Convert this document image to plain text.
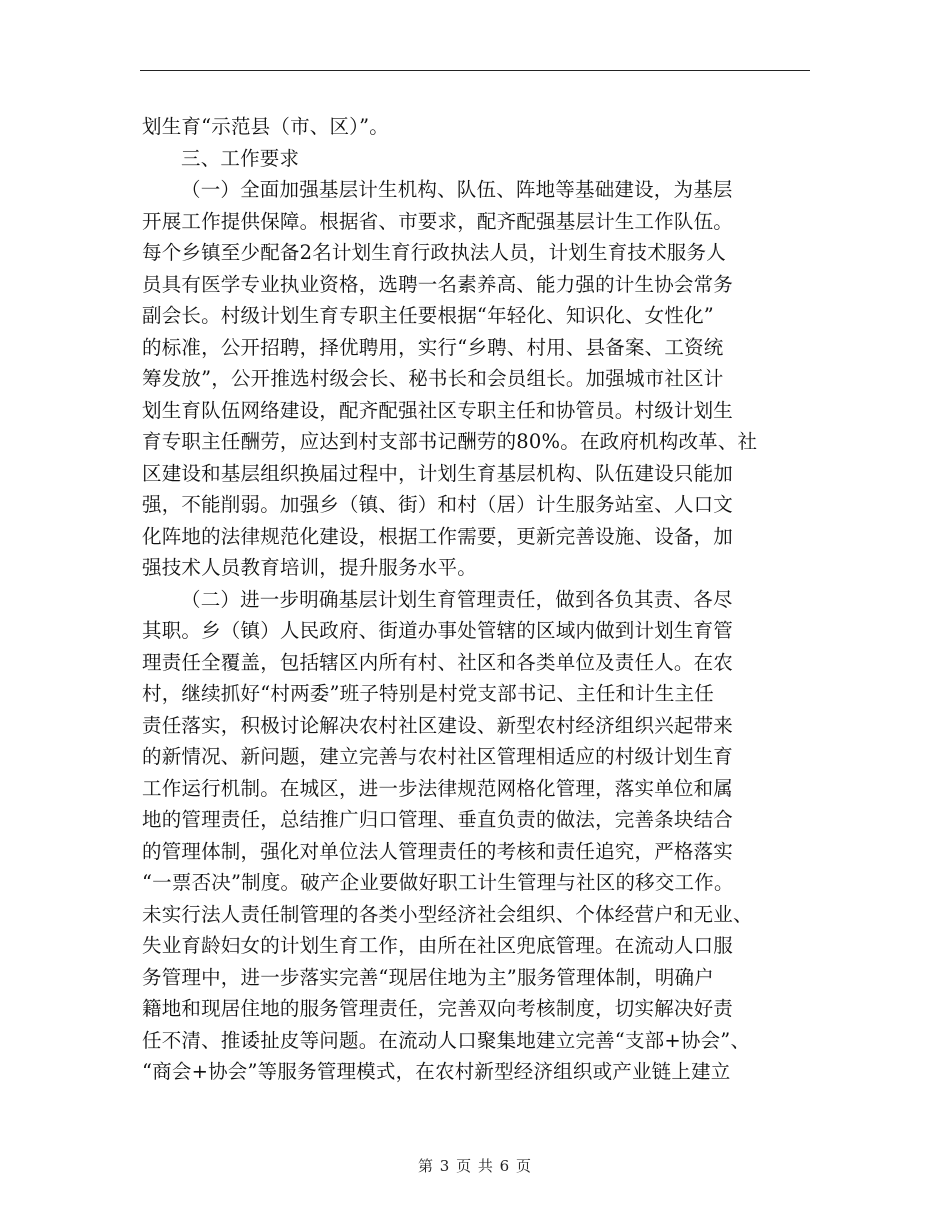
划生育“示范县（市、区）”。
三、工作要求
（一）全面加强基层计生机构、队伍、阵地等基础建设，为基层
开展工作提供保障。根据省、市要求，配齐配强基层计生工作队伍。
每个乡镇至少配备2名计划生育行政执法人员，计划生育技术服务人
员具有医学专业执业资格，选聘一名素养高、能力强的计生协会常务
副会长。村级计划生育专职主任要根据“年轻化、知识化、女性化”
的标准，公开招聘，择优聘用，实行“乡聘、村用、县备案、工资统
筹发放”，公开推选村级会长、秘书长和会员组长。加强城市社区计
划生育队伍网络建设，配齐配强社区专职主任和协管员。村级计划生
育专职主任酬劳，应达到村支部书记酬劳的80%。在政府机构改革、社
区建设和基层组织换届过程中，计划生育基层机构、队伍建设只能加
强，不能削弱。加强乡（镇、街）和村（居）计生服务站室、人口文
化阵地的法律规范化建设，根据工作需要，更新完善设施、设备，加
强技术人员教育培训，提升服务水平。
（二）进一步明确基层计划生育管理责任，做到各负其责、各尽
其职。乡（镇）人民政府、街道办事处管辖的区域内做到计划生育管
理责任全覆盖，包括辖区内所有村、社区和各类单位及责任人。在农
村，继续抓好“村两委”班子特别是村党支部书记、主任和计生主任
责任落实，积极讨论解决农村社区建设、新型农村经济组织兴起带来
的新情况、新问题，建立完善与农村社区管理相适应的村级计划生育
工作运行机制。在城区，进一步法律规范网格化管理，落实单位和属
地的管理责任，总结推广归口管理、垂直负责的做法，完善条块结合
的管理体制，强化对单位法人管理责任的考核和责任追究，严格落实
“一票否决”制度。破产企业要做好职工计生管理与社区的移交工作。
未实行法人责任制管理的各类小型经济社会组织、个体经营户和无业、
失业育龄妇女的计划生育工作，由所在社区兜底管理。在流动人口服
务管理中，进一步落实完善“现居住地为主”服务管理体制，明确户
籍地和现居住地的服务管理责任，完善双向考核制度，切实解决好责
任不清、推诿扯皮等问题。在流动人口聚集地建立完善“支部+协会”、
“商会+协会”等服务管理模式，在农村新型经济组织或产业链上建立
第 3 页 共 6 页
